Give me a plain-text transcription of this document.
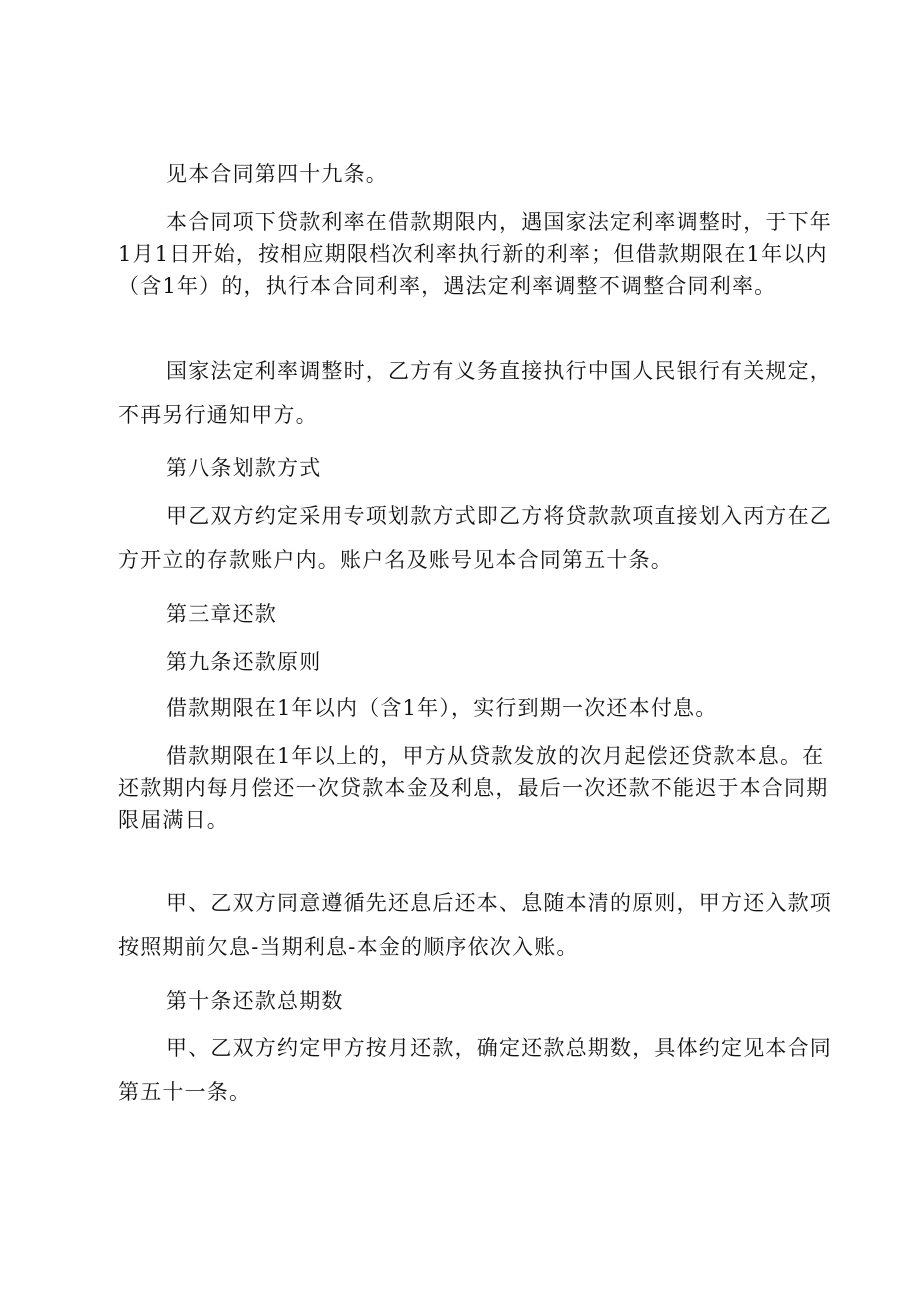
见本合同第四十九条。

本合同项下贷款利率在借款期限内，遇国家法定利率调整时，于下年1月1日开始，按相应期限档次利率执行新的利率；但借款期限在1年以内（含1年）的，执行本合同利率，遇法定利率调整不调整合同利率。

国家法定利率调整时，乙方有义务直接执行中国人民银行有关规定，不再另行通知甲方。

第八条划款方式

甲乙双方约定采用专项划款方式即乙方将贷款款项直接划入丙方在乙方开立的存款账户内。账户名及账号见本合同第五十条。

第三章还款

第九条还款原则

借款期限在1年以内（含1年），实行到期一次还本付息。

借款期限在1年以上的，甲方从贷款发放的次月起偿还贷款本息。在还款期内每月偿还一次贷款本金及利息，最后一次还款不能迟于本合同期限届满日。

甲、乙双方同意遵循先还息后还本、息随本清的原则，甲方还入款项按照期前欠息-当期利息-本金的顺序依次入账。

第十条还款总期数

甲、乙双方约定甲方按月还款，确定还款总期数，具体约定见本合同第五十一条。
